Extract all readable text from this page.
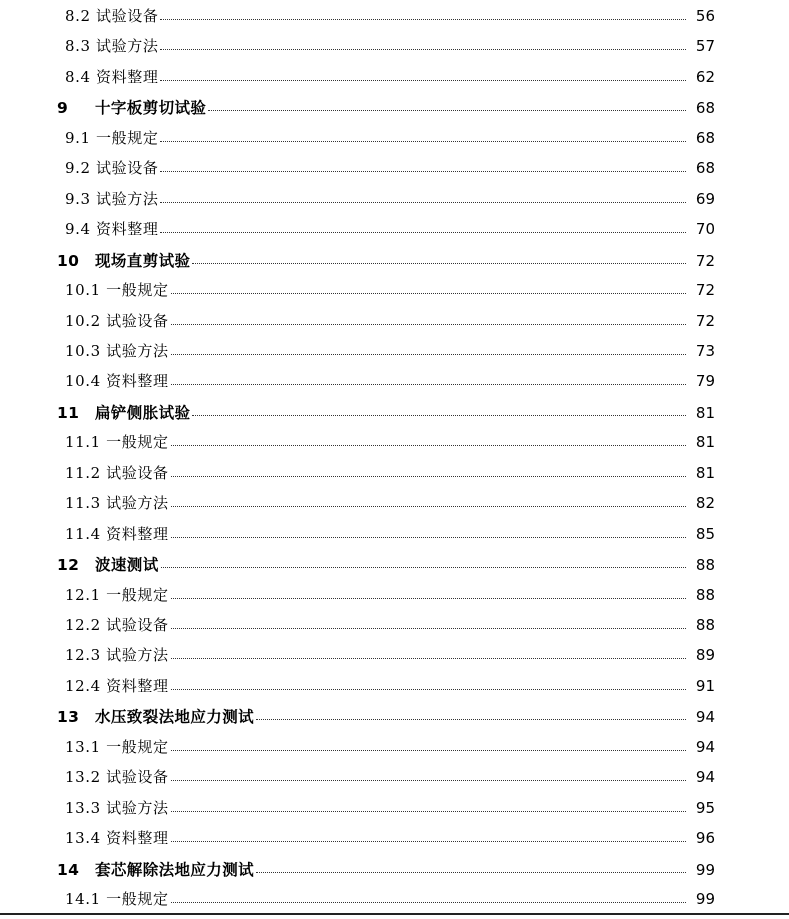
8.2 试验设备	56
8.3 试验方法	57
8.4 资料整理	62
9 十字板剪切试验	68
9.1 一般规定	68
9.2 试验设备	68
9.3 试验方法	69
9.4 资料整理	70
10 现场直剪试验	72
10.1 一般规定	72
10.2 试验设备	72
10.3 试验方法	73
10.4 资料整理	79
11 扁铲侧胀试验	81
11.1 一般规定	81
11.2 试验设备	81
11.3 试验方法	82
11.4 资料整理	85
12 波速测试	88
12.1 一般规定	88
12.2 试验设备	88
12.3 试验方法	89
12.4 资料整理	91
13 水压致裂法地应力测试	94
13.1 一般规定	94
13.2 试验设备	94
13.3 试验方法	95
13.4 资料整理	96
14 套芯解除法地应力测试	99
14.1 一般规定	99
